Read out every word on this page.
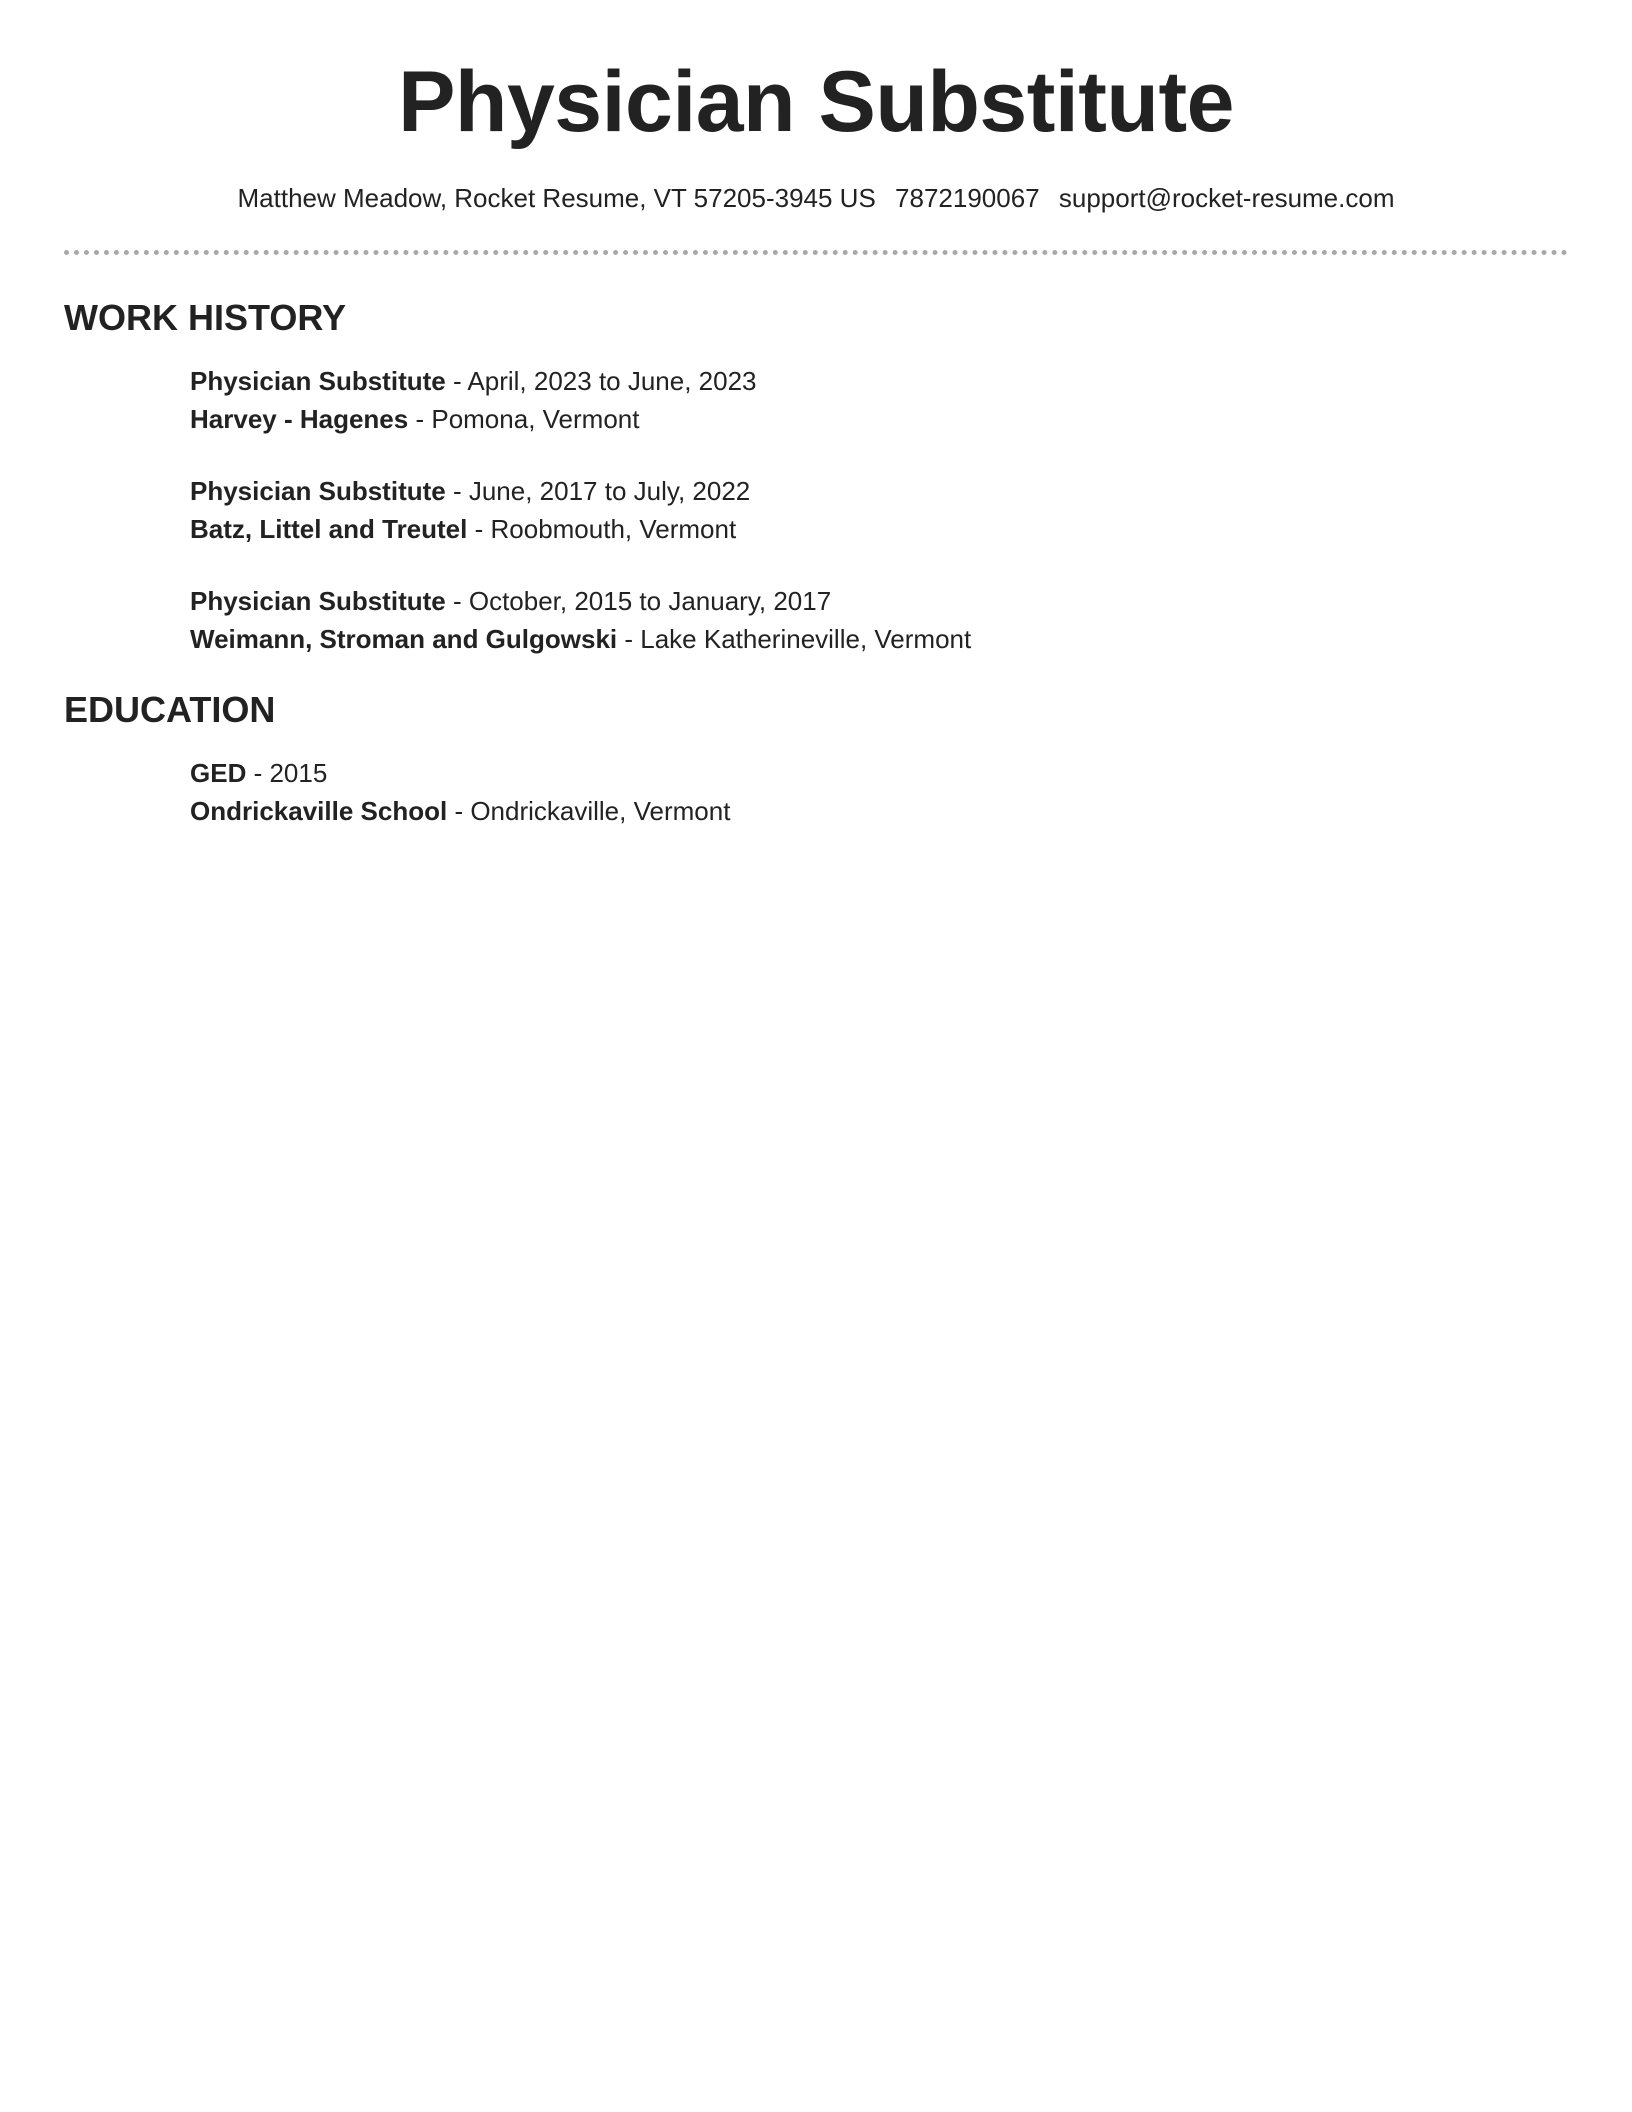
Physician Substitute
Matthew Meadow, Rocket Resume, VT 57205-3945 US 7872190067 support@rocket-resume.com
WORK HISTORY
Physician Substitute - April, 2023 to June, 2023
Harvey - Hagenes - Pomona, Vermont
Physician Substitute - June, 2017 to July, 2022
Batz, Littel and Treutel - Roobmouth, Vermont
Physician Substitute - October, 2015 to January, 2017
Weimann, Stroman and Gulgowski - Lake Katherineville, Vermont
EDUCATION
GED - 2015
Ondrickaville School - Ondrickaville, Vermont
